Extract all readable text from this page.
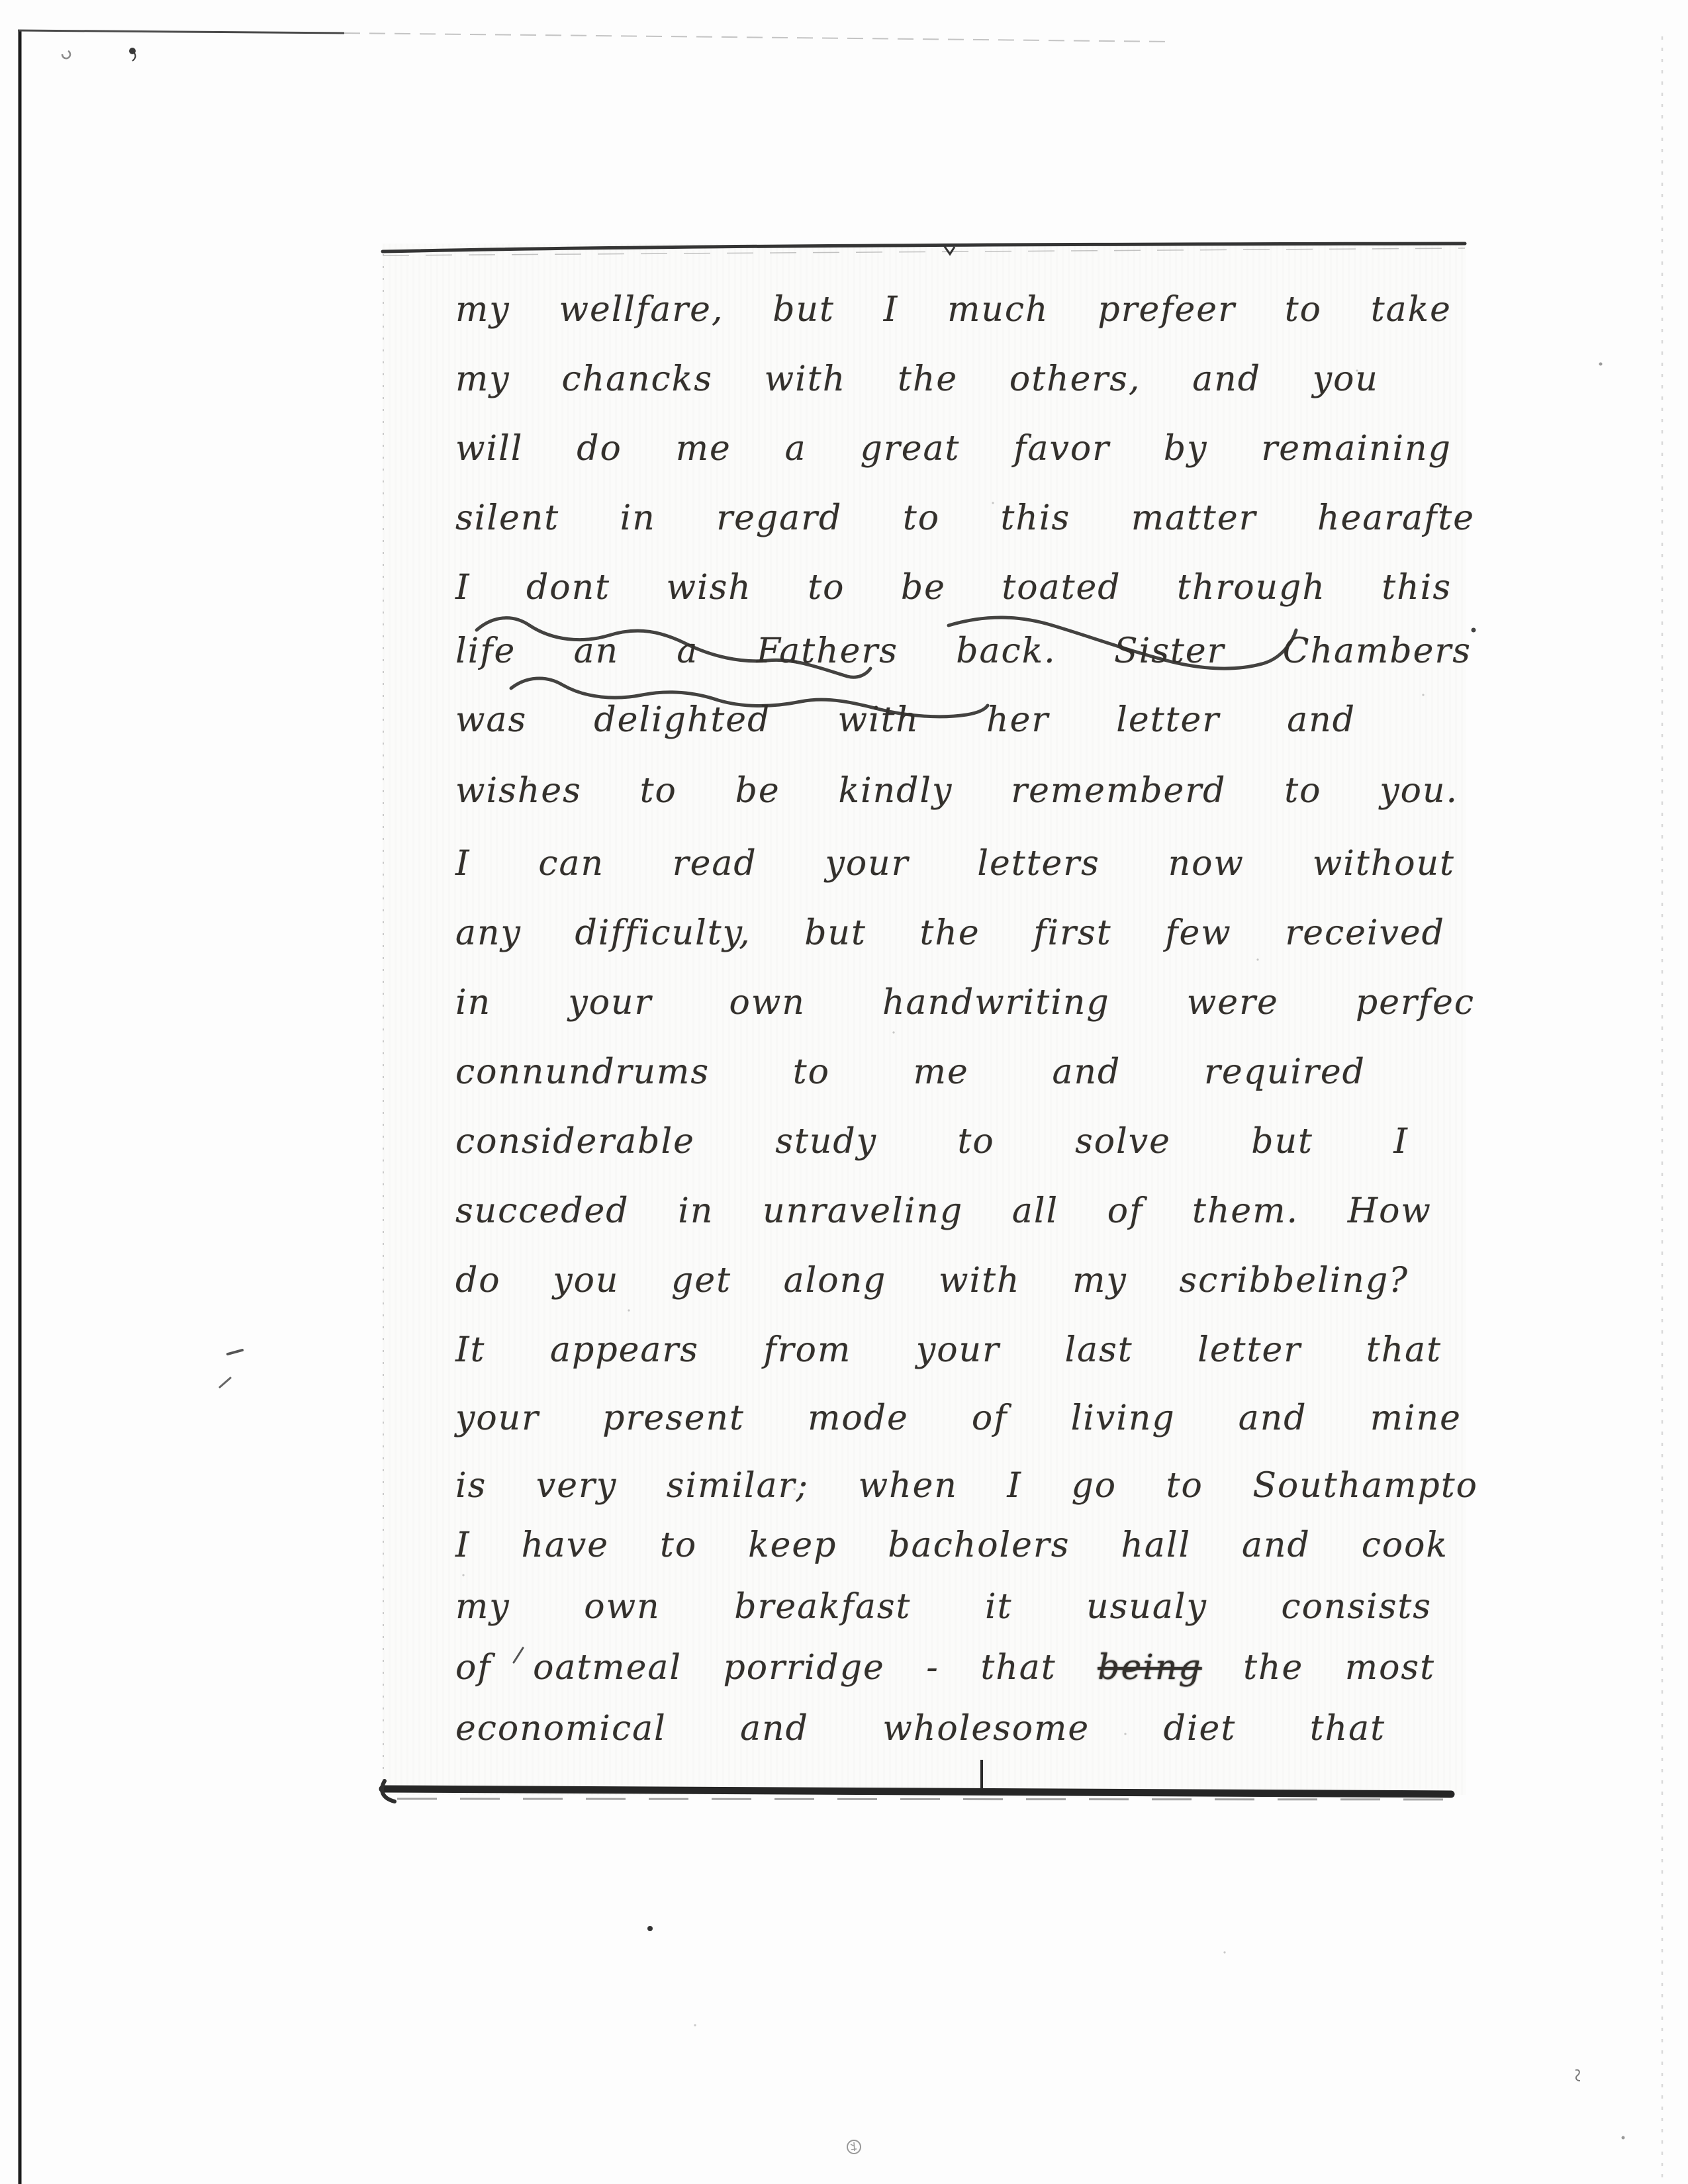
my wellfare, but I much prefeer to take
my chancks with the others, and you
will do me a great favor by remaining
silent in regard to this matter hearafte
I dont wish to be toated through this
life an a Fathers back. Sister Chambers
was delighted with her letter and
wishes to be kindly rememberd to you.
I can read your letters now without
any difficulty, but the first few received
in your own handwriting were perfec
connundrums to me and required
considerable study to solve but I
succeded in unraveling all of them. How
do you get along with my scribbeling?
It appears from your last letter that
your present mode of living and mine
is very similar; when I go to Southampto
I have to keep bacholers hall and cook
my own breakfast it usualy consists
of oatmeal porridge - that being the most
economical and wholesome diet that
